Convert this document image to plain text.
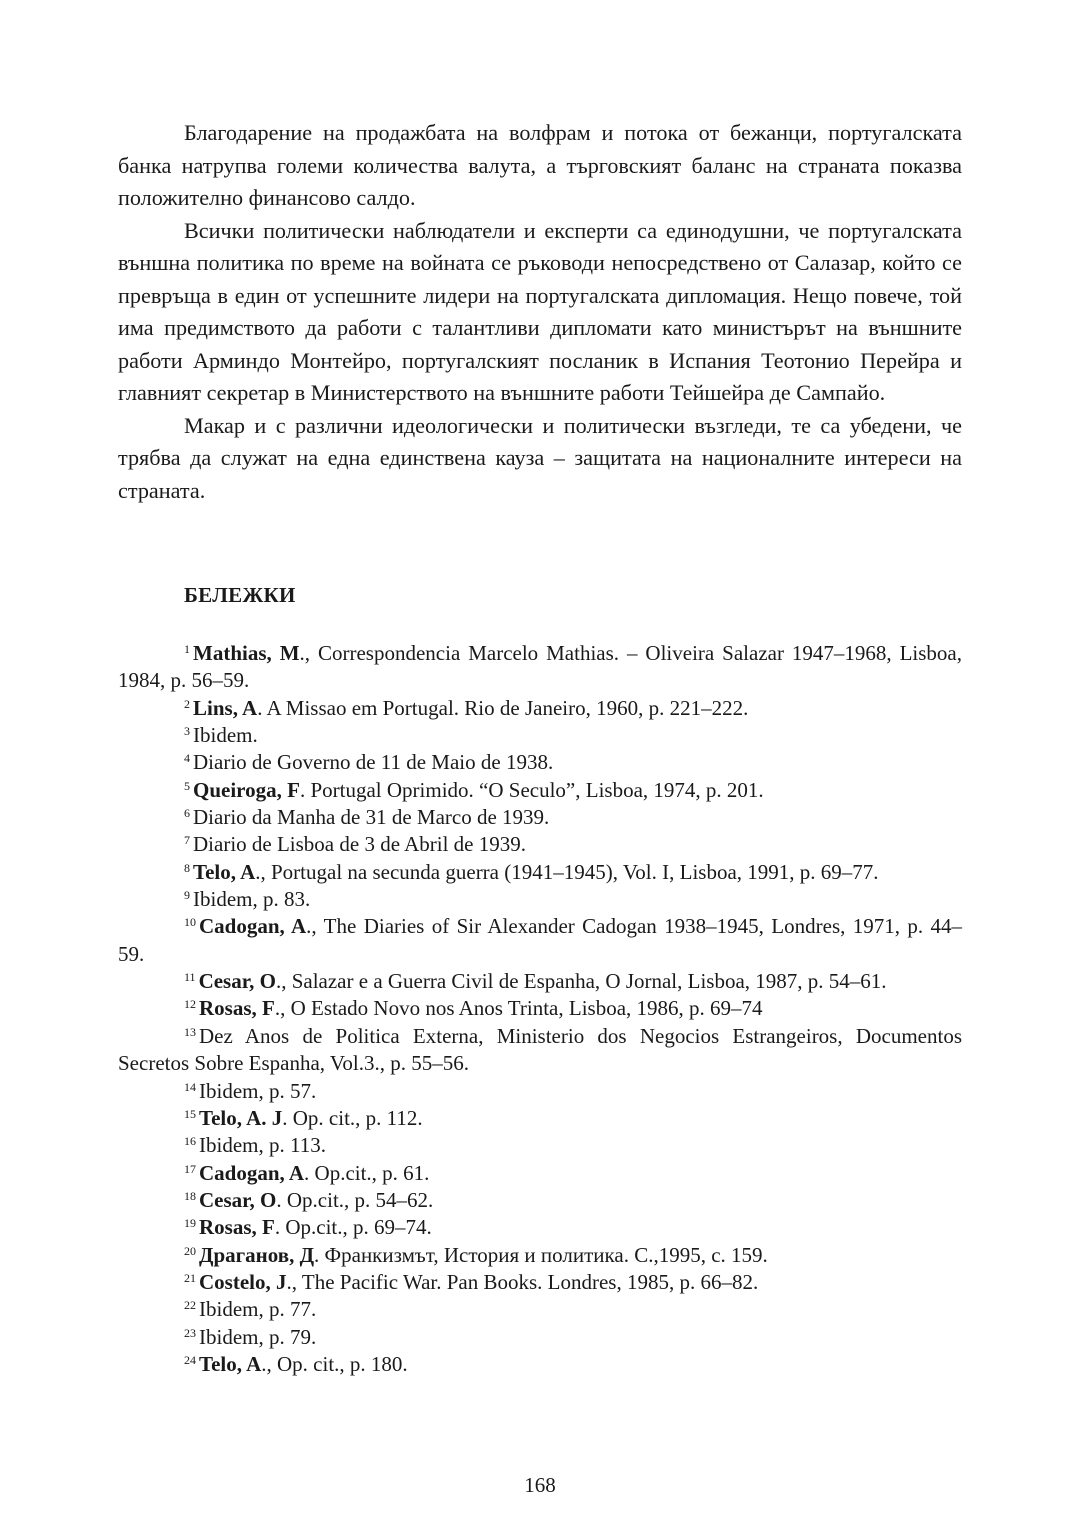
Благодарение на продажбата на волфрам и потока от бежанци, португалската банка натрупва големи количества валута, а търговският баланс на страната показва положително финансово салдо.

Всички политически наблюдатели и експерти са единодушни, че португалската външна политика по време на войната се ръководи непосредствено от Салазар, който се превръща в един от успешните лидери на португалската дипломация. Нещо повече, той има предимството да работи с талантливи дипломати като министърът на външните работи Арминдо Монтейро, португалският посланик в Испания Теотонио Перейра и главният секретар в Министерството на външните работи Тейшейра де Сампайо.

Макар и с различни идеологически и политически възгледи, те са убедени, че трябва да служат на една единствена кауза – защитата на националните интереси на страната.

БЕЛЕЖКИ

$^1$ Mathias, M., Correspondencia Marcelo Mathias. – Oliveira Salazar 1947–1968, Lisboa, 1984, p. 56–59.

$^2$ Lins, A. A Missao em Portugal. Rio de Janeiro, 1960, p. 221–222.

$^3$ Ibidem.

$^4$ Diario de Governo de 11 de Maio de 1938.

$^5$ Queiroga, F. Portugal Oprimido. “O Seculo”, Lisboa, 1974, p. 201.

$^6$ Diario da Manha de 31 de Marco de 1939.

$^7$ Diario de Lisboa de 3 de Abril de 1939.

$^8$ Telo, A., Portugal na secunda guerra (1941–1945), Vol. I, Lisboa, 1991, p. 69–77.

$^9$ Ibidem, p. 83.

$^{10}$ Cadogan, A., The Diaries of Sir Alexander Cadogan 1938–1945, Londres, 1971, p. 44–59.

$^{11}$ Cesar, O., Salazar e a Guerra Civil de Espanha, O Jornal, Lisboa, 1987, p. 54–61.

$^{12}$ Rosas, F., O Estado Novo nos Anos Trinta, Lisboa, 1986, p. 69–74

$^{13}$ Dez Anos de Politica Externa, Ministerio dos Negocios Estrangeiros, Documentos Secretos Sobre Espanha, Vol.3., p. 55–56.

$^{14}$ Ibidem, p. 57.

$^{15}$ Telo, A. J. Op. cit., p. 112.

$^{16}$ Ibidem, p. 113.

$^{17}$ Cadogan, A. Op.cit., p. 61.

$^{18}$ Cesar, O. Op.cit., p. 54–62.

$^{19}$ Rosas, F. Op.cit., p. 69–74.

$^{20}$ Драганов, Д. Франкизмът, История и политика. С.,1995, с. 159.

$^{21}$ Costelo, J., The Pacific War. Pan Books. Londres, 1985, p. 66–82.

$^{22}$ Ibidem, p. 77.

$^{23}$ Ibidem, p. 79.

$^{24}$ Telo, A., Op. cit., p. 180.

168
